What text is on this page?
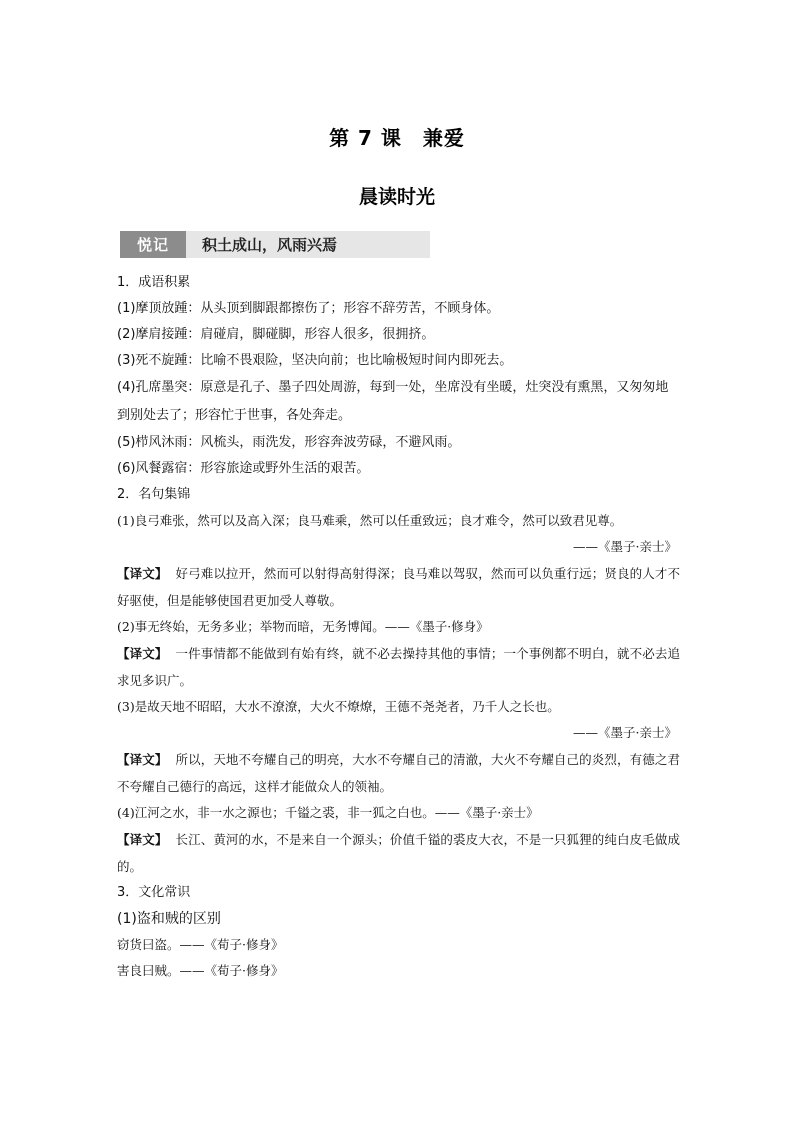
第 7 课　兼爱
晨读时光
悦记	积土成山，风雨兴焉
1．成语积累
(1)摩顶放踵：从头顶到脚跟都擦伤了；形容不辞劳苦，不顾身体。
(2)摩肩接踵：肩碰肩，脚碰脚，形容人很多，很拥挤。
(3)死不旋踵：比喻不畏艰险，坚决向前；也比喻极短时间内即死去。
(4)孔席墨突：原意是孔子、墨子四处周游，每到一处，坐席没有坐暖，灶突没有熏黑，又匆匆地到别处去了；形容忙于世事，各处奔走。
(5)栉风沐雨：风梳头，雨洗发，形容奔波劳碌，不避风雨。
(6)风餐露宿：形容旅途或野外生活的艰苦。
2．名句集锦
(1)良弓难张，然可以及高入深；良马难乘，然可以任重致远；良才难令，然可以致君见尊。
——《墨子·亲士》
【译文】 好弓难以拉开，然而可以射得高射得深；良马难以驾驭，然而可以负重行远；贤良的人才不好驱使，但是能够使国君更加受人尊敬。
(2)事无终始，无务多业；举物而暗，无务博闻。——《墨子·修身》
【译文】 一件事情都不能做到有始有终，就不必去操持其他的事情；一个事例都不明白，就不必去追求见多识广。
(3)是故天地不昭昭，大水不潦潦，大火不燎燎，王德不尧尧者，乃千人之长也。
——《墨子·亲士》
【译文】 所以，天地不夸耀自己的明亮，大水不夸耀自己的清澈，大火不夸耀自己的炎烈，有德之君不夸耀自己德行的高远，这样才能做众人的领袖。
(4)江河之水，非一水之源也；千镒之裘，非一狐之白也。——《墨子·亲士》
【译文】 长江、黄河的水，不是来自一个源头；价值千镒的裘皮大衣，不是一只狐狸的纯白皮毛做成的。
3．文化常识
(1)盗和贼的区别
窃货曰盗。——《荀子·修身》
害良曰贼。——《荀子·修身》
